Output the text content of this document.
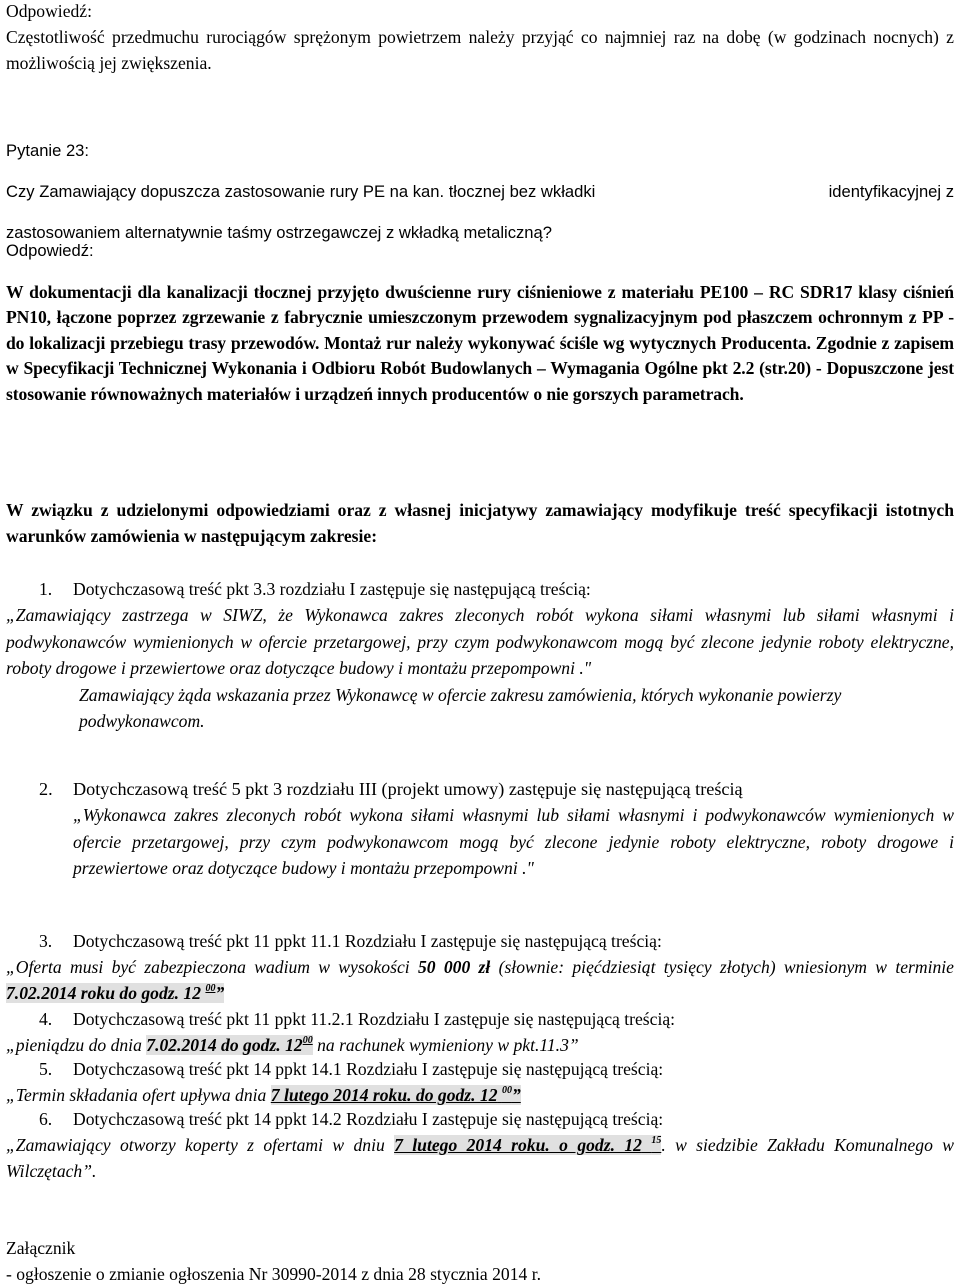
Odpowiedź:

Częstotliwość przedmuchu rurociągów sprężonym powietrzem należy przyjąć co najmniej raz na dobę (w godzinach nocnych) z możliwością jej zwiększenia.

Pytanie 23:

Czy Zamawiający dopuszcza zastosowanie rury PE na kan. tłocznej bez wkładki	identyfikacyjnej z

zastosowaniem alternatywnie taśmy ostrzegawczej z wkładką metaliczną?

Odpowiedź:

W dokumentacji dla kanalizacji tłocznej przyjęto dwuścienne rury ciśnieniowe z materiału PE100 – RC SDR17 klasy ciśnień PN10, łączone poprzez zgrzewanie z fabrycznie umieszczonym przewodem sygnalizacyjnym pod płaszczem ochronnym z PP - do lokalizacji przebiegu trasy przewodów. Montaż rur należy wykonywać ściśle wg wytycznych Producenta. Zgodnie z zapisem w Specyfikacji Technicznej Wykonania i Odbioru Robót Budowlanych – Wymagania Ogólne pkt 2.2 (str.20) - Dopuszczone jest stosowanie równoważnych materiałów i urządzeń innych producentów o nie gorszych parametrach.

W związku z udzielonymi odpowiedziami oraz z własnej inicjatywy zamawiający modyfikuje treść specyfikacji istotnych warunków zamówienia w następującym zakresie:

1. Dotychczasową treść pkt 3.3 rozdziału I zastępuje się następującą treścią:

„Zamawiający zastrzega w SIWZ, że Wykonawca zakres zleconych robót wykona siłami własnymi lub siłami własnymi i podwykonawców wymienionych w ofercie przetargowej, przy czym podwykonawcom mogą być zlecone jedynie roboty elektryczne, roboty drogowe i przewiertowe oraz dotyczące budowy i montażu przepompowni ."

Zamawiający żąda wskazania przez Wykonawcę w ofercie zakresu zamówienia, których wykonanie powierzy podwykonawcom.

2. Dotychczasową treść 5 pkt 3 rozdziału III (projekt umowy) zastępuje się następującą treścią

„Wykonawca zakres zleconych robót wykona siłami własnymi lub siłami własnymi i podwykonawców wymienionych w ofercie przetargowej, przy czym podwykonawcom mogą być zlecone jedynie roboty elektryczne, roboty drogowe i przewiertowe oraz dotyczące budowy i montażu przepompowni ."

3. Dotychczasową treść pkt 11 ppkt 11.1 Rozdziału I zastępuje się następującą treścią:

„Oferta musi być zabezpieczona wadium w wysokości 50 000 zł (słownie: pięćdziesiąt tysięcy złotych) wniesionym w terminie 7.02.2014 roku do godz. 12 $^{00}$”

4. Dotychczasową treść pkt 11 ppkt 11.2.1 Rozdziału I zastępuje się następującą treścią:

„pieniądzu do dnia 7.02.2014 do godz. $12^{00}$ na rachunek wymieniony w pkt.11.3”

5. Dotychczasową treść pkt 14 ppkt 14.1 Rozdziału I zastępuje się następującą treścią:

„Termin składania ofert upływa dnia 7 lutego 2014 roku. do godz. 12 $^{00}$”

6. Dotychczasową treść pkt 14 ppkt 14.2 Rozdziału I zastępuje się następującą treścią:

„Zamawiający otworzy koperty z ofertami w dniu 7 lutego 2014 roku. o godz. 12 $^{15}$. w siedzibie Zakładu Komunalnego w Wilczętach”.

Załącznik

- ogłoszenie o zmianie ogłoszenia Nr 30990-2014 z dnia 28 stycznia 2014 r.
